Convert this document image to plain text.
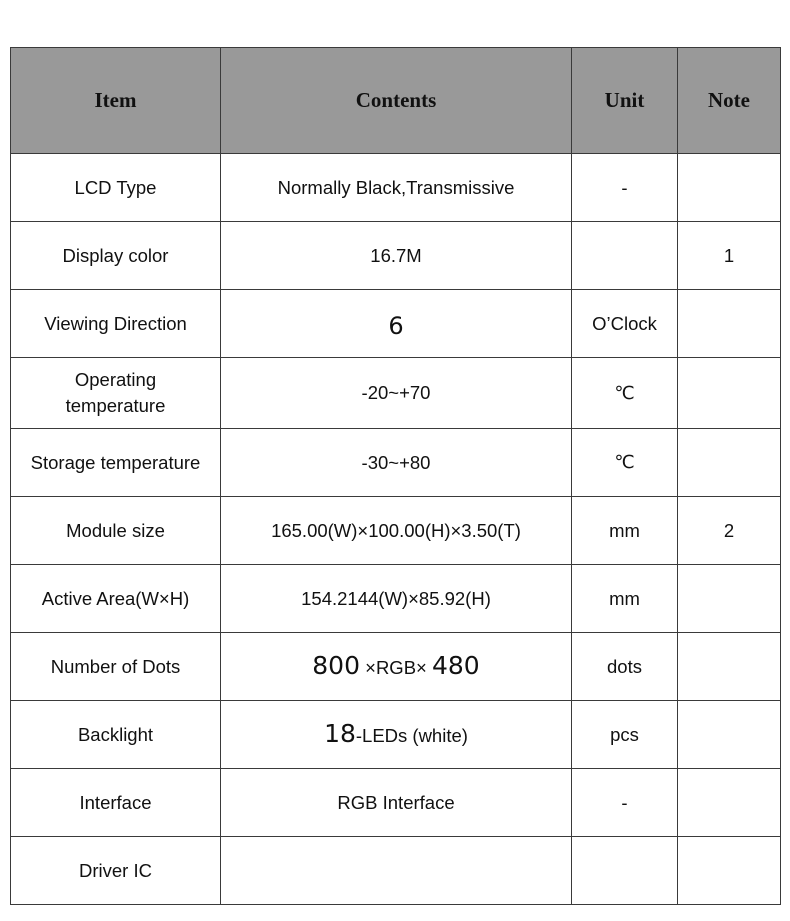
Item	Contents	Unit	Note
LCD Type	Normally Black,Transmissive	-	
Display color	16.7M		1
Viewing Direction	6	O’Clock	
Operating
temperature	-20~+70	℃	
Storage temperature	-30~+80	℃	
Module size	165.00(W)×100.00(H)×3.50(T)	mm	2
Active Area(W×H)	154.2144(W)×85.92(H)	mm	
Number of Dots	800 ×RGB× 480	dots	
Backlight	18-LEDs (white)	pcs	
Interface	RGB Interface	-	
Driver IC			
